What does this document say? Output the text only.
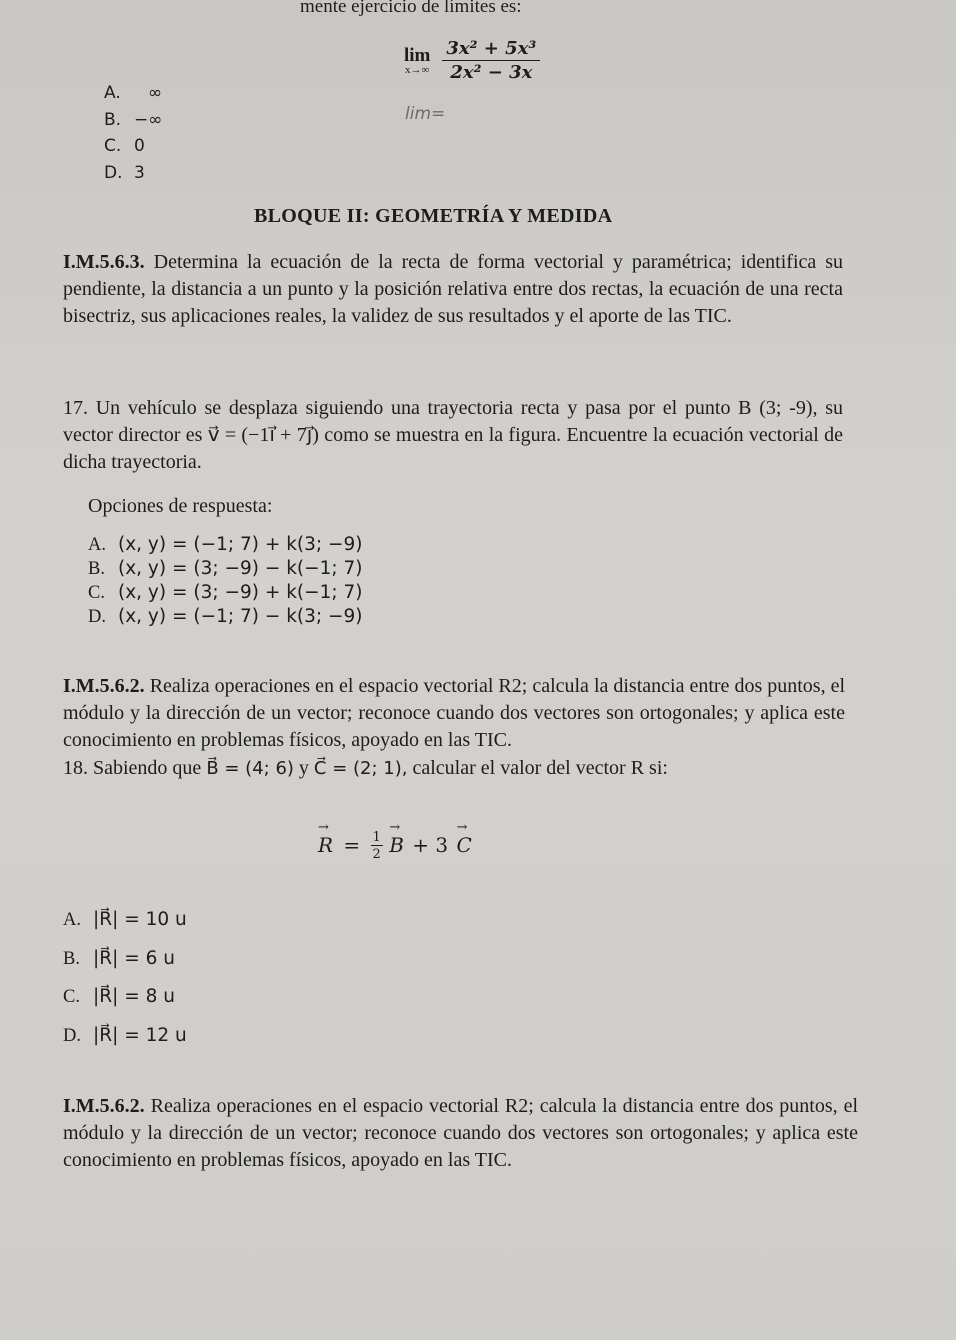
mente ejercicio de límites es:
lim
x→∞
$\frac{\text{3x² + 5x³}}{\text{2x² − 3x}}$
lim=
A. ∞
B. −∞
C. 0
D. 3
BLOQUE II: GEOMETRÍA Y MEDIDA
I.M.5.6.3. Determina la ecuación de la recta de forma vectorial y paramétrica; identifica su pendiente, la distancia a un punto y la posición relativa entre dos rectas, la ecuación de una recta bisectriz, sus aplicaciones reales, la validez de sus resultados y el aporte de las TIC.
17. Un vehículo se desplaza siguiendo una trayectoria recta y pasa por el punto B (3; -9), su vector director es v⃗ = (−1i⃗ + 7j⃗) como se muestra en la figura. Encuentre la ecuación vectorial de dicha trayectoria.
Opciones de respuesta:
A. (x, y) = (−1; 7) + k(3; −9)
B. (x, y) = (3; −9) − k(−1; 7)
C. (x, y) = (3; −9) + k(−1; 7)
D. (x, y) = (−1; 7) − k(3; −9)
I.M.5.6.2. Realiza operaciones en el espacio vectorial R2; calcula la distancia entre dos puntos, el módulo y la dirección de un vector; reconoce cuando dos vectores son ortogonales; y aplica este conocimiento en problemas físicos, apoyado en las TIC.
18. Sabiendo que B⃗ = (4; 6) y C⃗ = (2; 1), calcular el valor del vector R si:
→ $R = \frac{1}{2}$
→ B + 3 → C
A. |R⃗| = 10 u
B. |R⃗| = 6 u
C. |R⃗| = 8 u
D. |R⃗| = 12 u
I.M.5.6.2. Realiza operaciones en el espacio vectorial R2; calcula la distancia entre dos puntos, el módulo y la dirección de un vector; reconoce cuando dos vectores son ortogonales; y aplica este conocimiento en problemas físicos, apoyado en las TIC.
